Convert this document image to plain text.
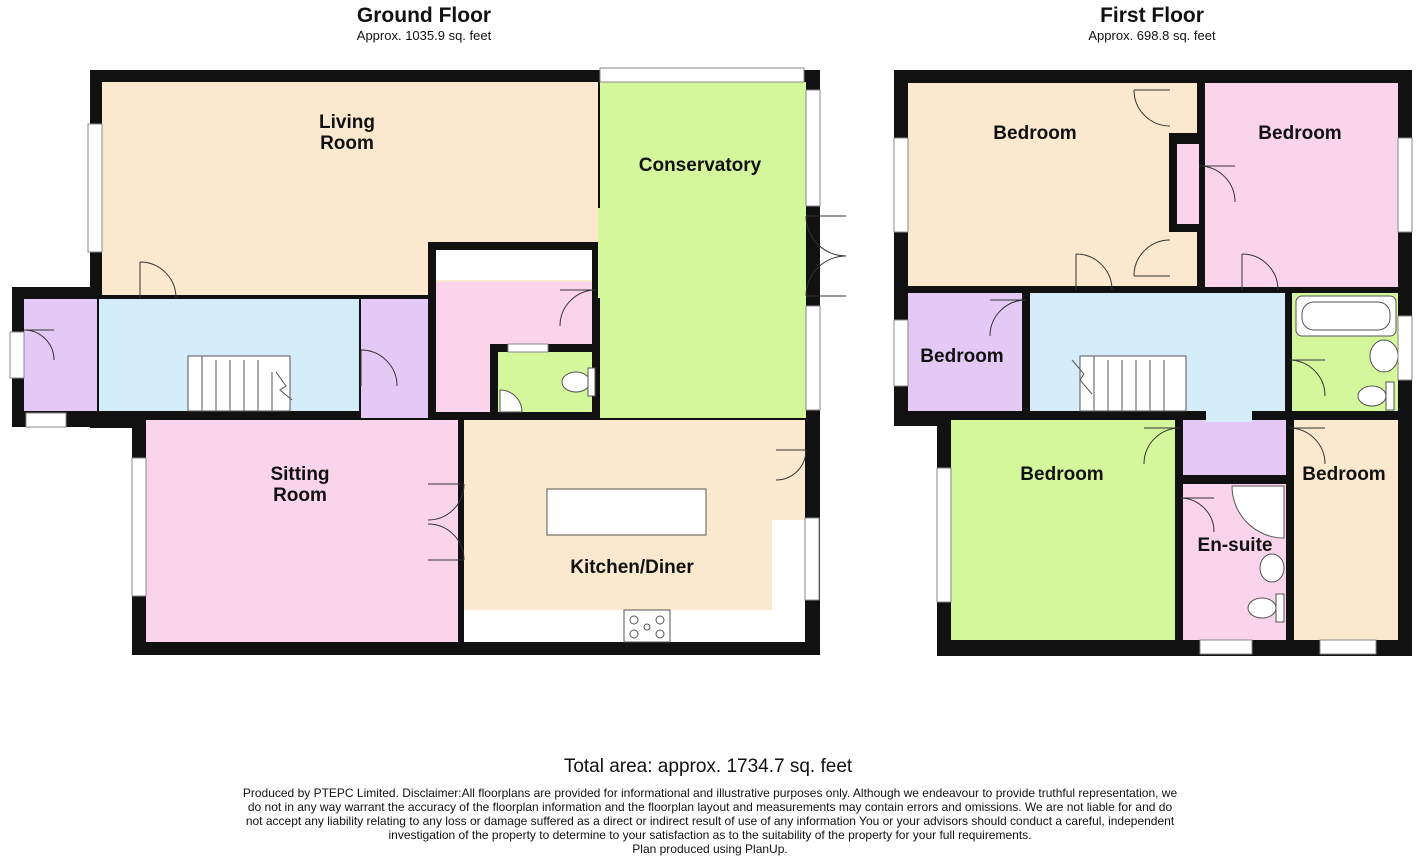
Ground Floor
Approx. 1035.9 sq. feet
First Floor
Approx. 698.8 sq. feet
Living
Room
Conservatory
Sitting
Room
Kitchen/Diner
Bedroom	Bedroom
Bedroom
Bedroom	Bedroom
En-suite
Total area: approx. 1734.7 sq. feet
Produced by PTEPC Limited. Disclaimer:All floorplans are provided for informational and illustrative purposes only. Although we endeavour to provide truthful representation, we
do not in any way warrant the accuracy of the floorplan information and the floorplan layout and measurements may contain errors and omissions. We are not liable for and do
not accept any liability relating to any loss or damage suffered as a direct or indirect result of use of any information You or your advisors should conduct a careful, independent
investigation of the property to determine to your satisfaction as to the suitability of the property for your full requirements.
Plan produced using PlanUp.
